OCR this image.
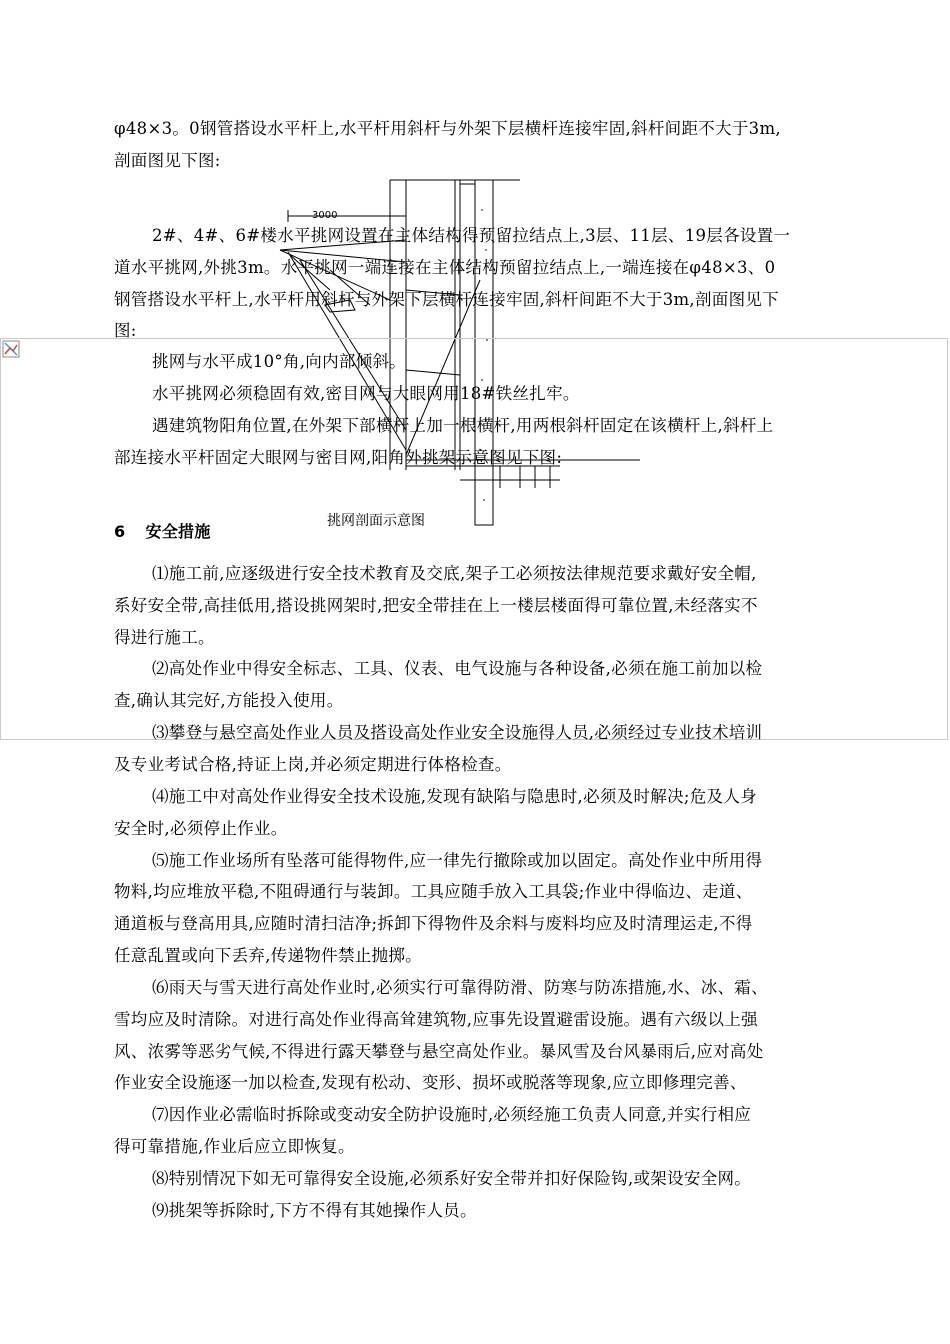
3000
挑网剖面示意图
φ48×3。0钢管搭设水平杆上,水平杆用斜杆与外架下层横杆连接牢固,斜杆间距不大于3m,
剖面图见下图:
2#、4#、6#楼水平挑网设置在主体结构得预留拉结点上,3层、11层、19层各设置一
道水平挑网,外挑3m。水平挑网一端连接在主体结构预留拉结点上,一端连接在φ48×3、0
钢管搭设水平杆上,水平杆用斜杆与外架下层横杆连接牢固,斜杆间距不大于3m,剖面图见下
图:
挑网与水平成10°角,向内部倾斜。
水平挑网必须稳固有效,密目网与大眼网用18#铁丝扎牢。
遇建筑物阳角位置,在外架下部横杆上加一根横杆,用两根斜杆固定在该横杆上,斜杆上
部连接水平杆固定大眼网与密目网,阳角外挑架示意图见下图:
6 安全措施
⑴施工前,应逐级进行安全技术教育及交底,架子工必须按法律规范要求戴好安全帽,
系好安全带,高挂低用,搭设挑网架时,把安全带挂在上一楼层楼面得可靠位置,未经落实不
得进行施工。
⑵高处作业中得安全标志、工具、仪表、电气设施与各种设备,必须在施工前加以检
查,确认其完好,方能投入使用。
⑶攀登与悬空高处作业人员及搭设高处作业安全设施得人员,必须经过专业技术培训
及专业考试合格,持证上岗,并必须定期进行体格检查。
⑷施工中对高处作业得安全技术设施,发现有缺陷与隐患时,必须及时解决;危及人身
安全时,必须停止作业。
⑸施工作业场所有坠落可能得物件,应一律先行撤除或加以固定。高处作业中所用得
物料,均应堆放平稳,不阻碍通行与装卸。工具应随手放入工具袋;作业中得临边、走道、
通道板与登高用具,应随时清扫洁净;拆卸下得物件及余料与废料均应及时清理运走,不得
任意乱置或向下丢弃,传递物件禁止抛掷。
⑹雨天与雪天进行高处作业时,必须实行可靠得防滑、防寒与防冻措施,水、冰、霜、
雪均应及时清除。对进行高处作业得高耸建筑物,应事先设置避雷设施。遇有六级以上强
风、浓雾等恶劣气候,不得进行露天攀登与悬空高处作业。暴风雪及台风暴雨后,应对高处
作业安全设施逐一加以检查,发现有松动、变形、损坏或脱落等现象,应立即修理完善、
⑺因作业必需临时拆除或变动安全防护设施时,必须经施工负责人同意,并实行相应
得可靠措施,作业后应立即恢复。
⑻特别情况下如无可靠得安全设施,必须系好安全带并扣好保险钩,或架设安全网。
⑼挑架等拆除时,下方不得有其她操作人员。
